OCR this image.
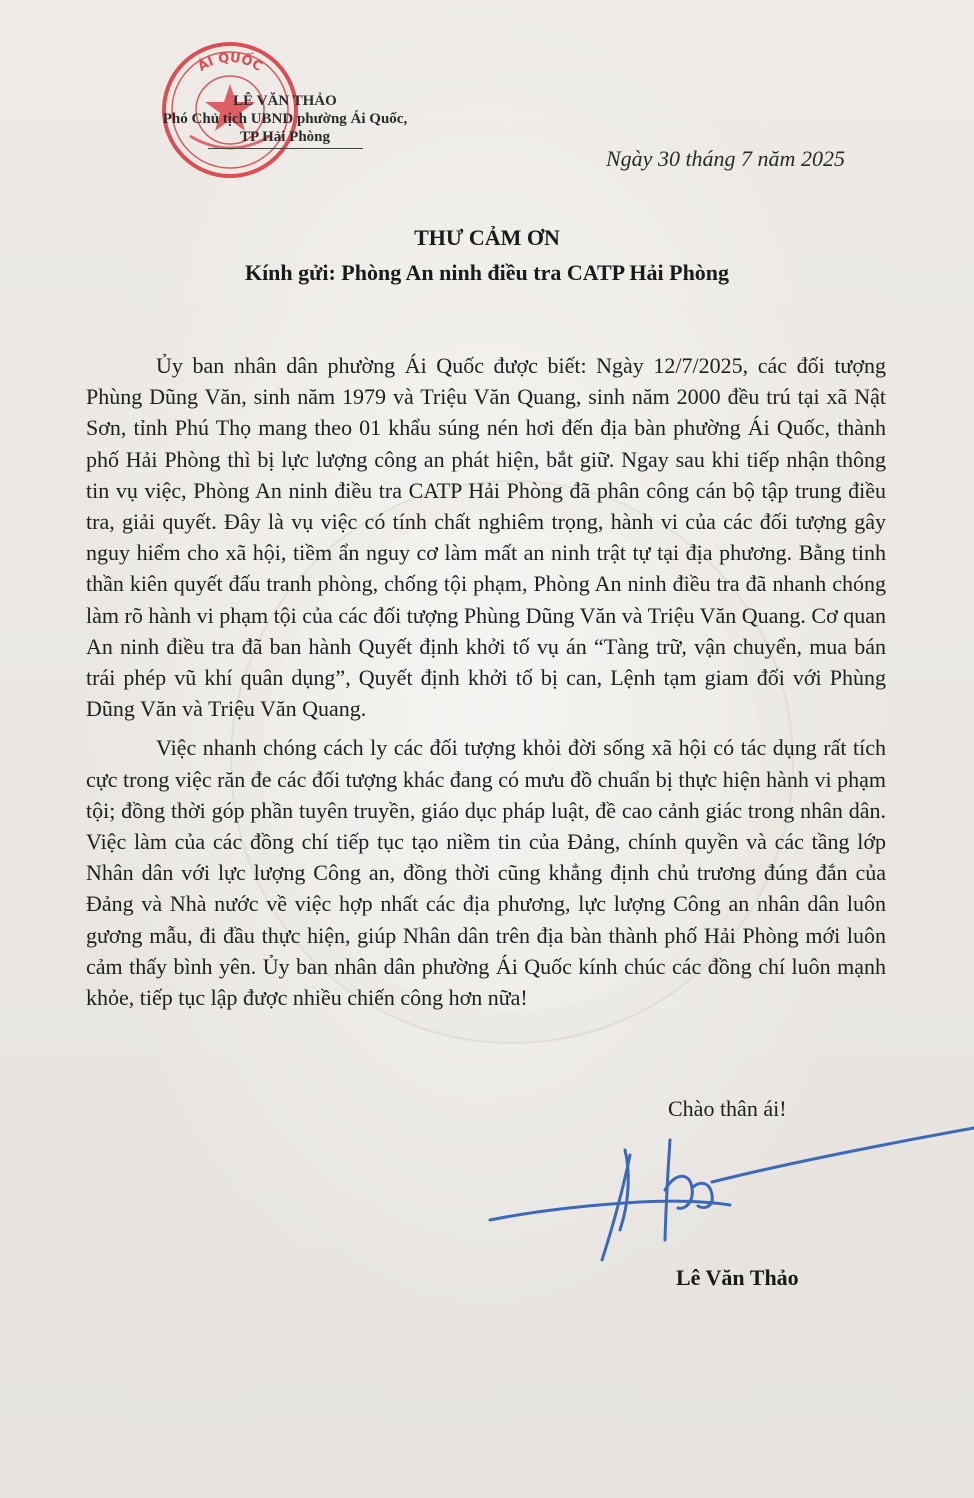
ÁI QUỐC
LÊ VĂN THẢO
Phó Chủ tịch UBND phường Ái Quốc,
TP Hải Phòng
Ngày 30 tháng 7 năm 2025
THƯ CẢM ƠN
Kính gửi: Phòng An ninh điều tra CATP Hải Phòng

Ủy ban nhân dân phường Ái Quốc được biết: Ngày 12/7/2025, các đối tượng Phùng Dũng Văn, sinh năm 1979 và Triệu Văn Quang, sinh năm 2000 đều trú tại xã Nật Sơn, tỉnh Phú Thọ mang theo 01 khẩu súng nén hơi đến địa bàn phường Ái Quốc, thành phố Hải Phòng thì bị lực lượng công an phát hiện, bắt giữ. Ngay sau khi tiếp nhận thông tin vụ việc, Phòng An ninh điều tra CATP Hải Phòng đã phân công cán bộ tập trung điều tra, giải quyết. Đây là vụ việc có tính chất nghiêm trọng, hành vi của các đối tượng gây nguy hiểm cho xã hội, tiềm ẩn nguy cơ làm mất an ninh trật tự tại địa phương. Bằng tinh thần kiên quyết đấu tranh phòng, chống tội phạm, Phòng An ninh điều tra đã nhanh chóng làm rõ hành vi phạm tội của các đối tượng Phùng Dũng Văn và Triệu Văn Quang. Cơ quan An ninh điều tra đã ban hành Quyết định khởi tố vụ án “Tàng trữ, vận chuyển, mua bán trái phép vũ khí quân dụng”, Quyết định khởi tố bị can, Lệnh tạm giam đối với Phùng Dũng Văn và Triệu Văn Quang.

Việc nhanh chóng cách ly các đối tượng khỏi đời sống xã hội có tác dụng rất tích cực trong việc răn đe các đối tượng khác đang có mưu đồ chuẩn bị thực hiện hành vi phạm tội; đồng thời góp phần tuyên truyền, giáo dục pháp luật, đề cao cảnh giác trong nhân dân. Việc làm của các đồng chí tiếp tục tạo niềm tin của Đảng, chính quyền và các tầng lớp Nhân dân với lực lượng Công an, đồng thời cũng khẳng định chủ trương đúng đắn của Đảng và Nhà nước về việc hợp nhất các địa phương, lực lượng Công an nhân dân luôn gương mẫu, đi đầu thực hiện, giúp Nhân dân trên địa bàn thành phố Hải Phòng mới luôn cảm thấy bình yên. Ủy ban nhân dân phường Ái Quốc kính chúc các đồng chí luôn mạnh khỏe, tiếp tục lập được nhiều chiến công hơn nữa!

Chào thân ái!
Lê Văn Thảo
